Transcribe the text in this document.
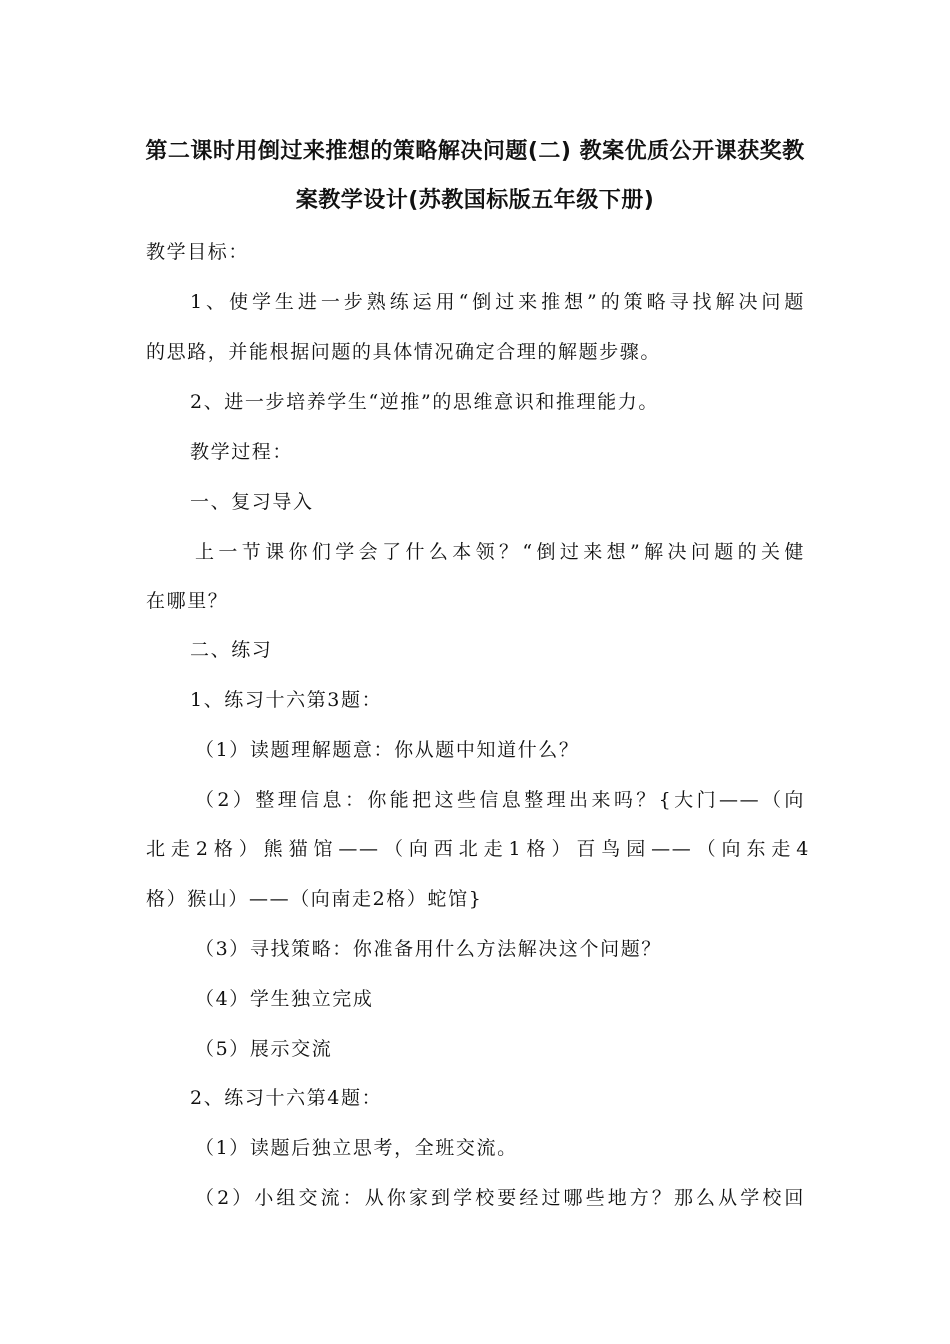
第二课时用倒过来推想的策略解决问题(二) 教案优质公开课获奖教
案教学设计(苏教国标版五年级下册)
教学目标：
1、使学生进一步熟练运用“倒过来推想”的策略寻找解决问题
的思路，并能根据问题的具体情况确定合理的解题步骤。
2、进一步培养学生“逆推”的思维意识和推理能力。
教学过程：
一、复习导入
上一节课你们学会了什么本领？“倒过来想”解决问题的关健
在哪里？
二、练习
1、练习十六第3题：
（1）读题理解题意：你从题中知道什么？
（2）整理信息：你能把这些信息整理出来吗？{大门——（向
北走2格）熊猫馆——（向西北走1格）百鸟园——（向东走4
格）猴山）——（向南走2格）蛇馆}
（3）寻找策略：你准备用什么方法解决这个问题？
（4）学生独立完成
（5）展示交流
2、练习十六第4题：
（1）读题后独立思考，全班交流。
（2）小组交流：从你家到学校要经过哪些地方？那么从学校回
